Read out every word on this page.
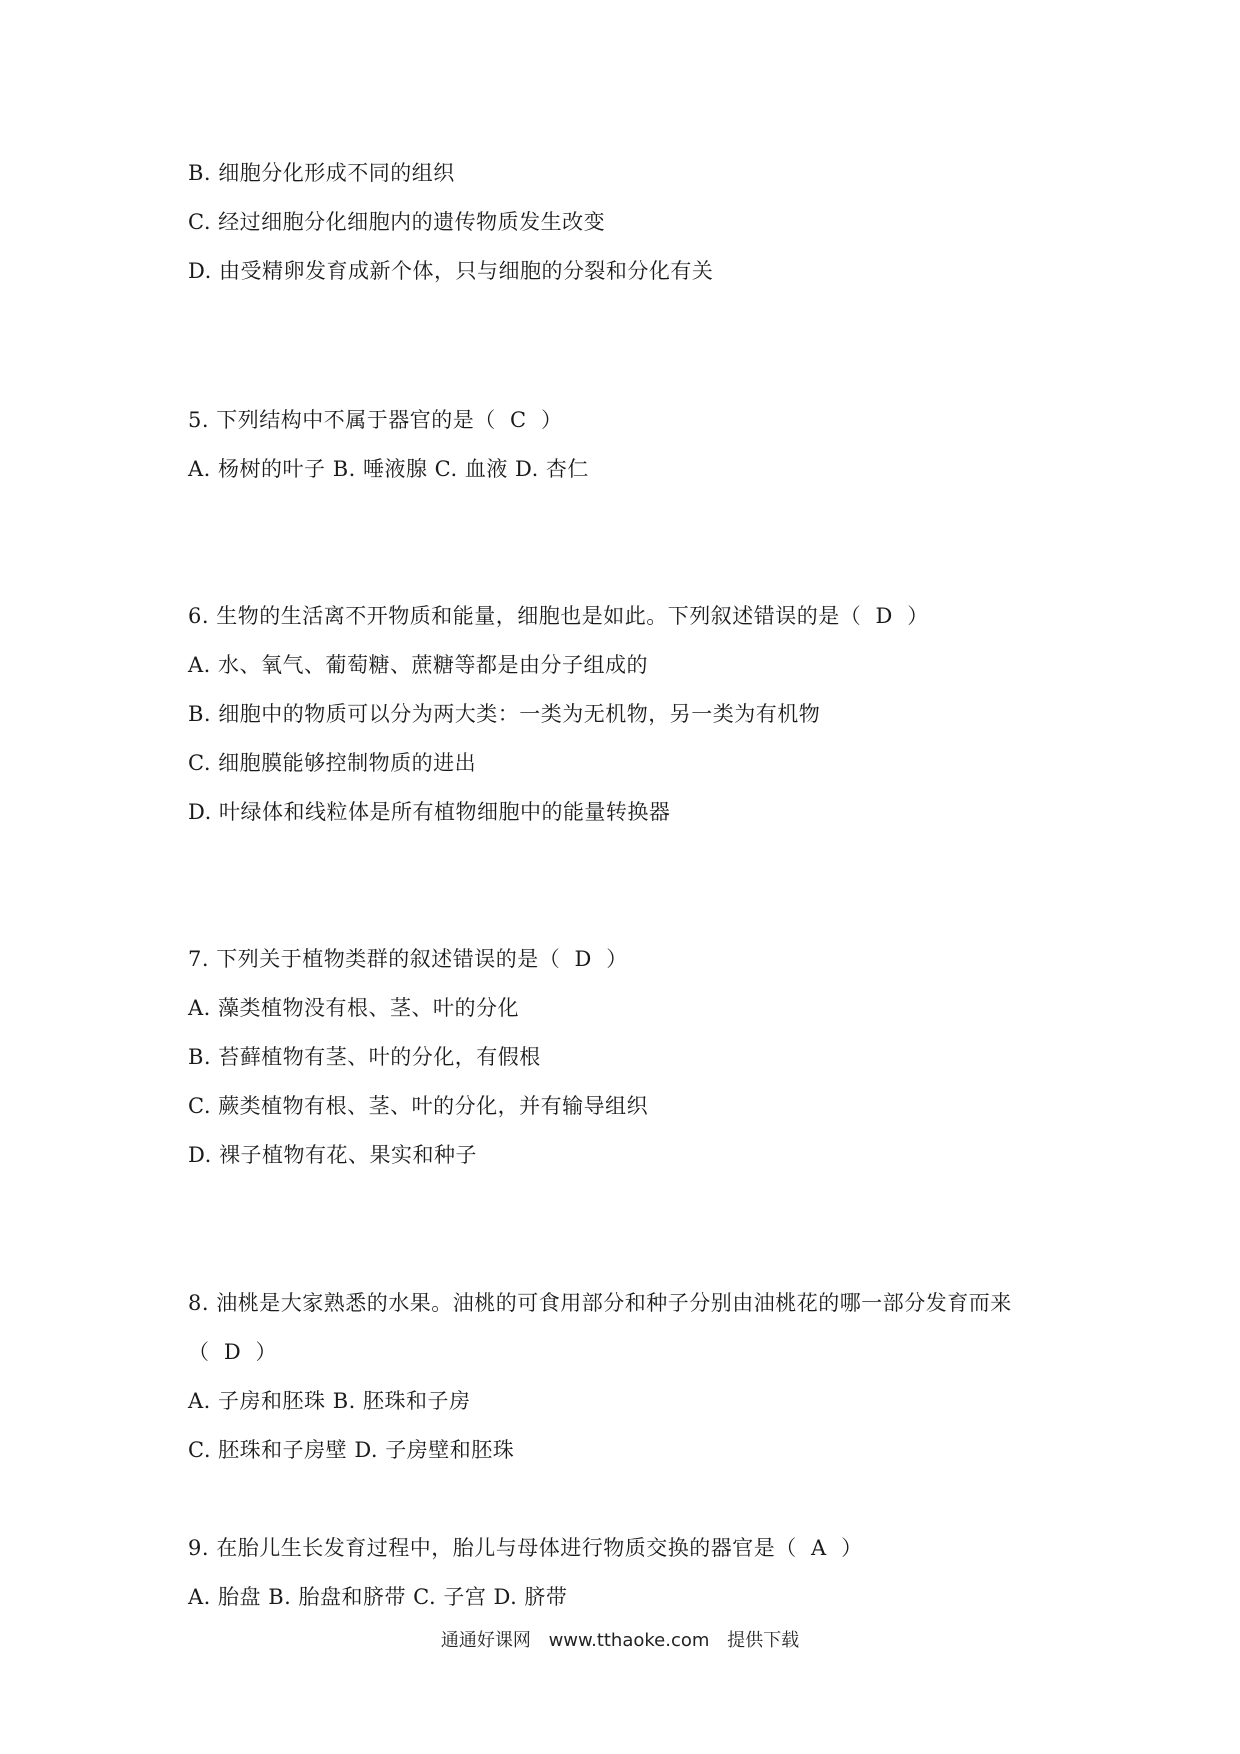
B. 细胞分化形成不同的组织
C. 经过细胞分化细胞内的遗传物质发生改变
D. 由受精卵发育成新个体，只与细胞的分裂和分化有关
5. 下列结构中不属于器官的是（  C  ）
A. 杨树的叶子 B. 唾液腺 C. 血液 D. 杏仁
6. 生物的生活离不开物质和能量，细胞也是如此。下列叙述错误的是（  D  ）
A. 水、氧气、葡萄糖、蔗糖等都是由分子组成的
B. 细胞中的物质可以分为两大类：一类为无机物，另一类为有机物
C. 细胞膜能够控制物质的进出
D. 叶绿体和线粒体是所有植物细胞中的能量转换器
7. 下列关于植物类群的叙述错误的是（  D  ）
A. 藻类植物没有根、茎、叶的分化
B. 苔藓植物有茎、叶的分化，有假根
C. 蕨类植物有根、茎、叶的分化，并有输导组织
D. 裸子植物有花、果实和种子
8. 油桃是大家熟悉的水果。油桃的可食用部分和种子分别由油桃花的哪一部分发育而来
（  D  ）
A. 子房和胚珠 B. 胚珠和子房
C. 胚珠和子房壁 D. 子房壁和胚珠
9. 在胎儿生长发育过程中，胎儿与母体进行物质交换的器官是（  A  ）
A. 胎盘 B. 胎盘和脐带 C. 子宫 D. 脐带
通通好课网 www.tthaoke.com 提供下载
